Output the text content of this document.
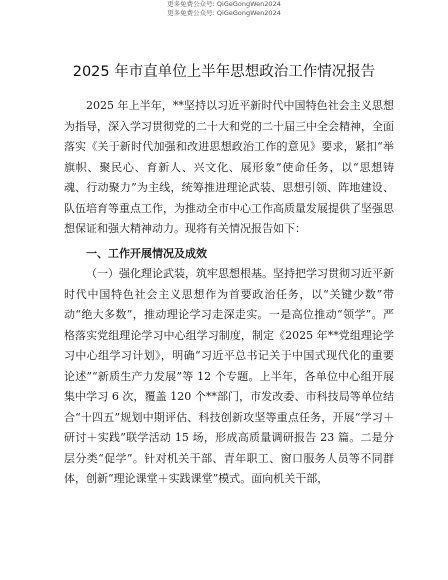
更多免费公众号: QiGeGongWen2024
更多免费公众号: QiGeGongWen2024
2025 年市直单位上半年思想政治工作情况报告

2025 年上半年，**坚持以习近平新时代中国特色社会主义思想为指导，深入学习贯彻党的二十大和党的二十届三中全会精神，全面落实《关于新时代加强和改进思想政治工作的意见》要求，紧扣“举旗帜、聚民心、育新人、兴文化、展形象”使命任务，以“思想铸魂、行动聚力”为主线，统筹推进理论武装、思想引领、阵地建设、队伍培育等重点工作，为推动全市中心工作高质量发展提供了坚强思想保证和强大精神动力。现将有关情况报告如下：

一、工作开展情况及成效

（一）强化理论武装，筑牢思想根基。坚持把学习贯彻习近平新时代中国特色社会主义思想作为首要政治任务，以“关键少数”带动“绝大多数”，推动理论学习走深走实。一是高位推动“领学”。严格落实党组理论学习中心组学习制度，制定《2025 年**党组理论学习中心组学习计划》，明确“习近平总书记关于中国式现代化的重要论述”“新质生产力发展”等 12 个专题。上半年，各单位中心组开展集中学习 6 次，覆盖 120 个**部门，市发改委、市科技局等单位结合“十四五”规划中期评估、科技创新攻坚等重点任务，开展“学习＋研讨＋实践”联学活动 15 场，形成高质量调研报告 23 篇。二是分层分类“促学”。针对机关干部、青年职工、窗口服务人员等不同群体，创新“理论课堂＋实践课堂”模式。面向机关干部，
